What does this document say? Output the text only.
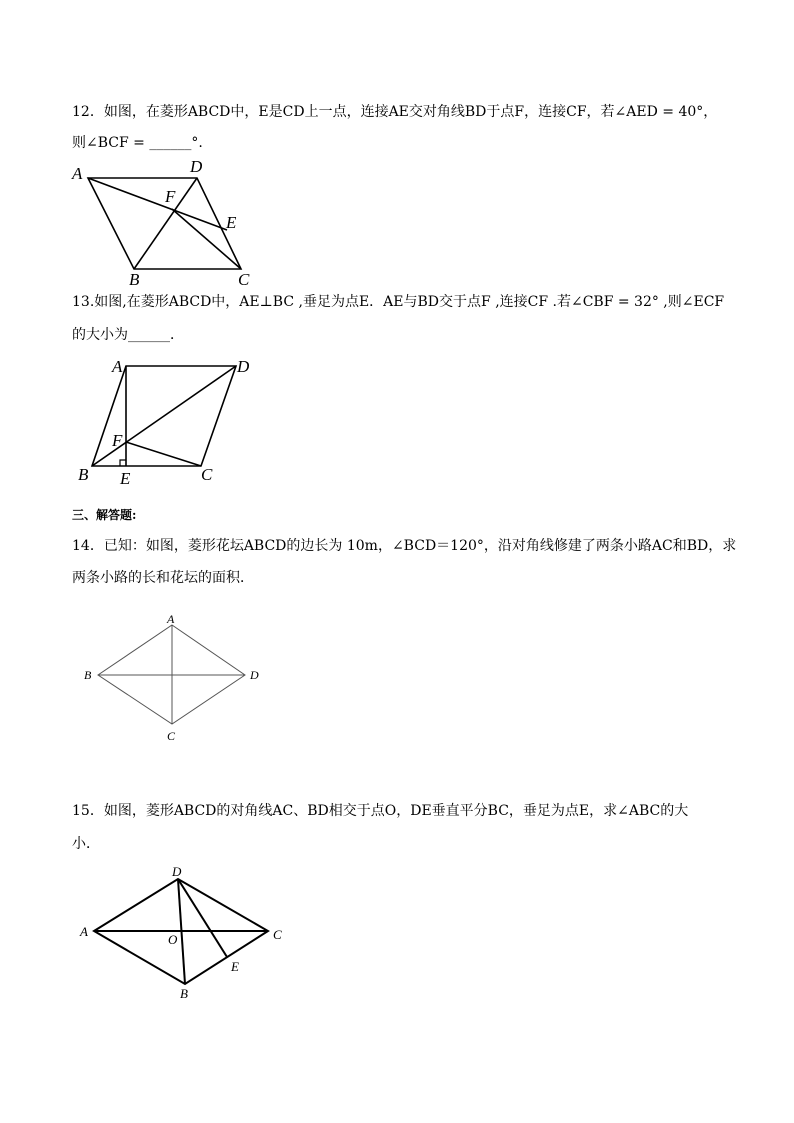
12．如图，在菱形ABCD中，E是CD上一点，连接AE交对角线BD于点F，连接CF，若∠AED = 40°，
则∠BCF = ______°.
A	D
F
E
B	C
13.如图,在菱形ABCD中，AE⊥BC ,垂足为点E．AE与BD交于点F ,连接CF .若∠CBF = 32° ,则∠ECF
的大小为______．
A	D
F
B E	C
三、解答题:
14．已知：如图，菱形花坛ABCD的边长为 10m，∠BCD＝120°，沿对角线修建了两条小路AC和BD，求
两条小路的长和花坛的面积．
A
B	D
C
15．如图，菱形ABCD的对角线AC、BD相交于点O，DE垂直平分BC，垂足为点E，求∠ABC的大
小．
D
A
O	C
E
B
